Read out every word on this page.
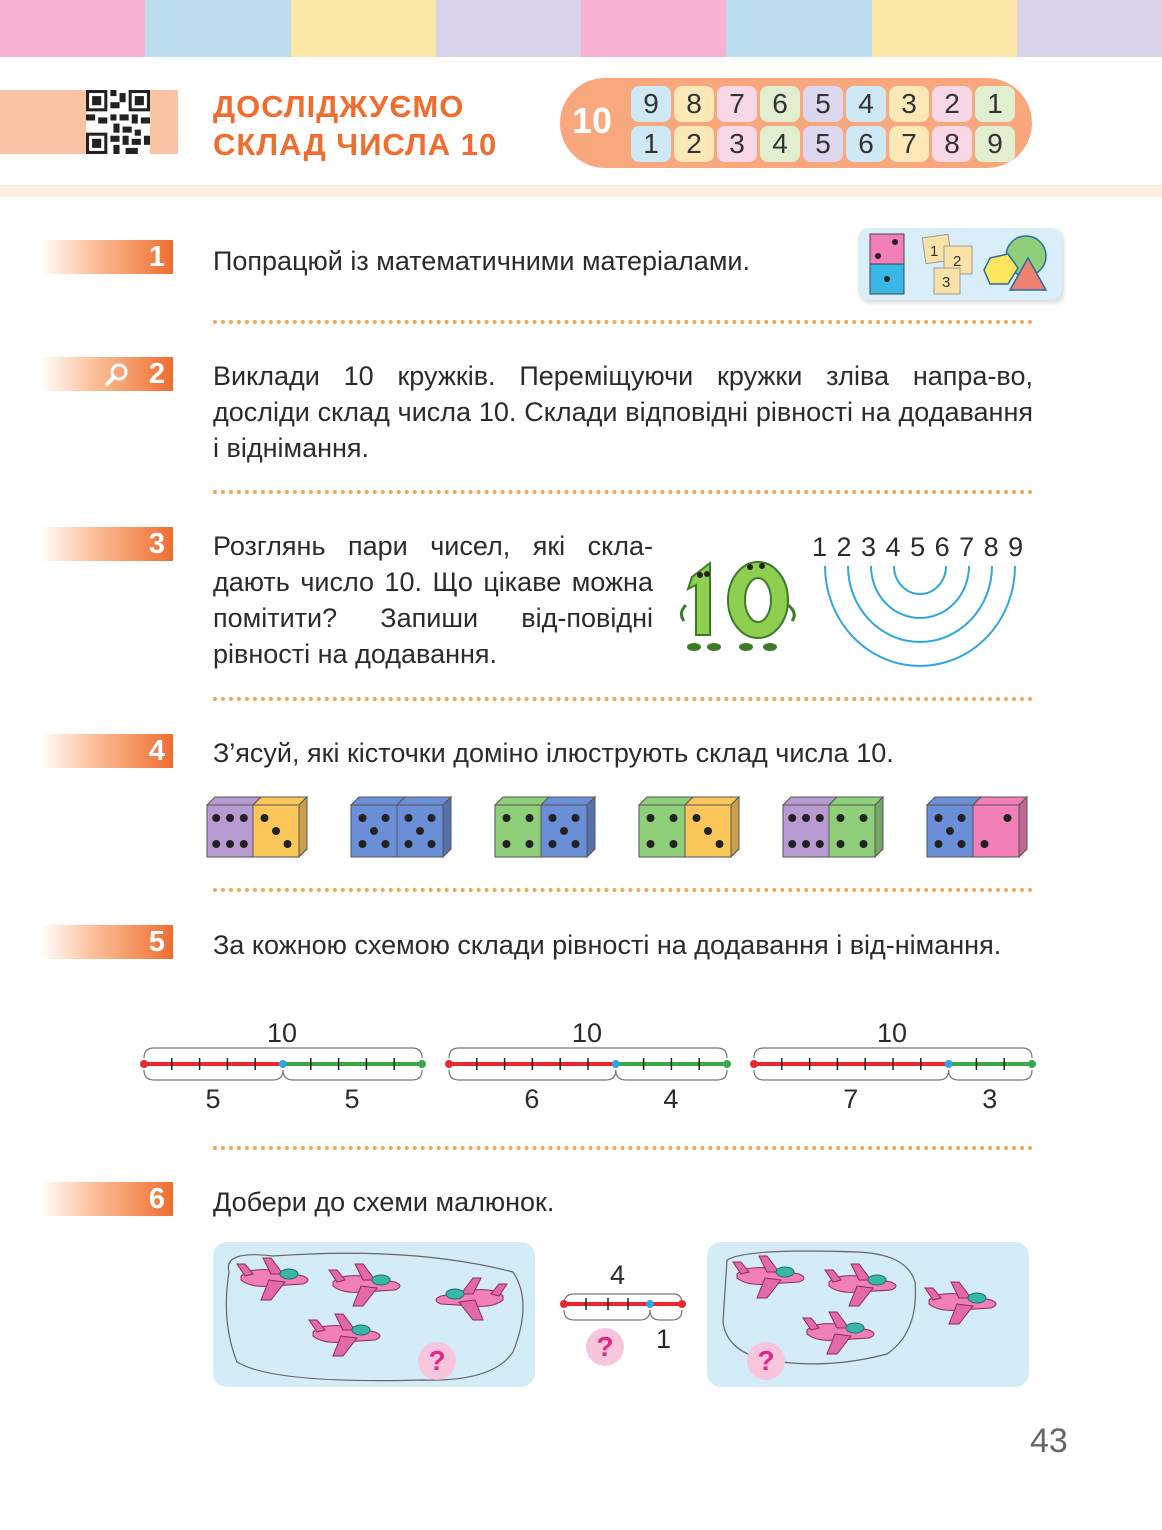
ДОСЛІДЖУЄМО
СКЛАД ЧИСЛА 10
10	9 8 7 6 5 4 3 2 1
1 2 3 4 5 6 7 8 9
1 Попрацюй із математичними матеріалами.	1
2
3
2 Виклади 10 кружків. Переміщуючи кружки зліва напра-во, досліди склад числа 10. Склади відповідні рівності на додавання і віднімання.
3 Розглянь пари чисел, які скла-дають число 10. Що цікаве можна помітити? Запиши від-повідні рівності на додавання.
1 2 3 4 5 6 7 8 9
4 З’ясуй, які кісточки доміно ілюструють склад числа 10.
5 За кожною схемою склади рівності на додавання і від-німання.
10
5	5
10
6	4
10
7	3
6 Добери до схеми малюнок.
?
4
?	1
?
43
